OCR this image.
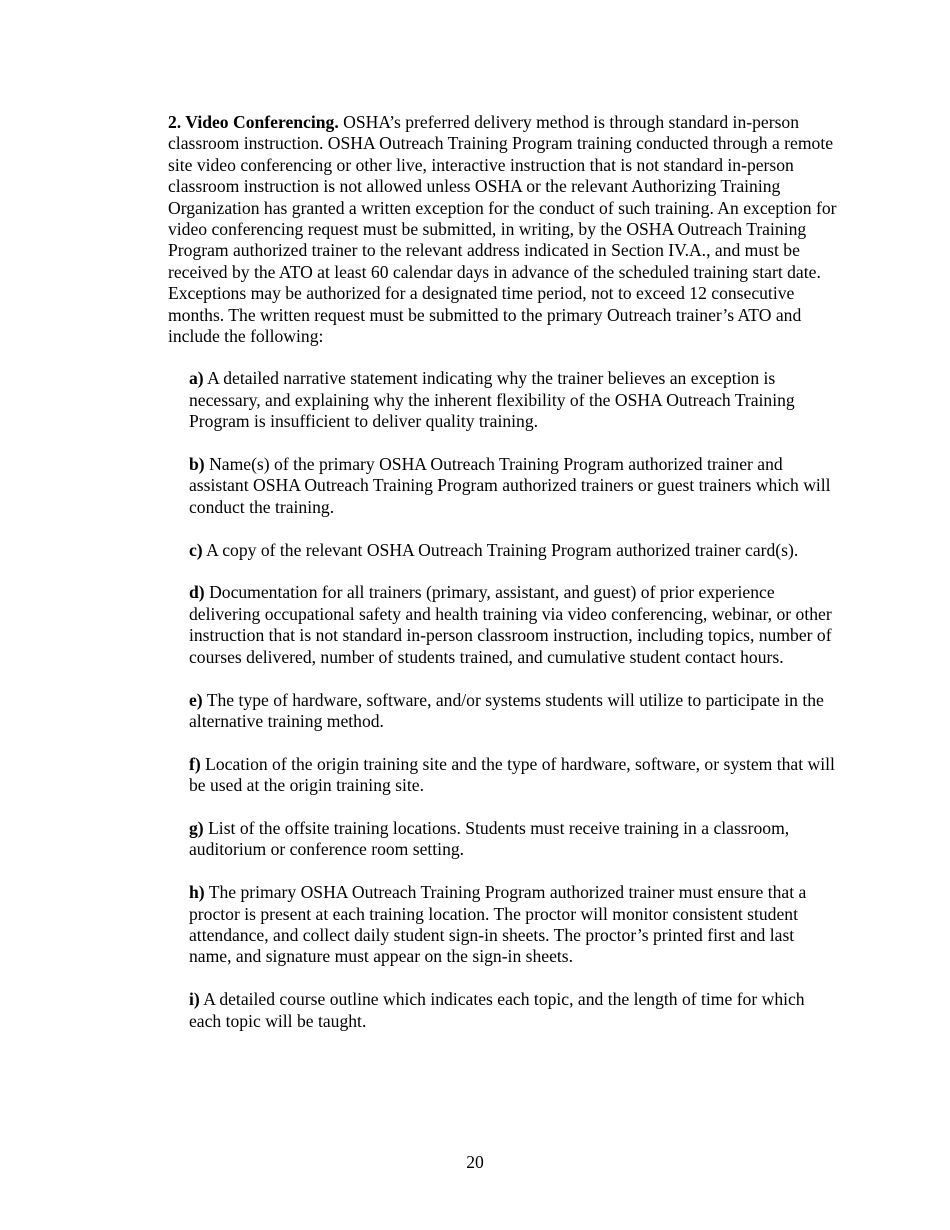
2. Video Conferencing. OSHA’s preferred delivery method is through standard in-person classroom instruction. OSHA Outreach Training Program training conducted through a remote site video conferencing or other live, interactive instruction that is not standard in-person classroom instruction is not allowed unless OSHA or the relevant Authorizing Training Organization has granted a written exception for the conduct of such training. An exception for video conferencing request must be submitted, in writing, by the OSHA Outreach Training Program authorized trainer to the relevant address indicated in Section IV.A., and must be received by the ATO at least 60 calendar days in advance of the scheduled training start date. Exceptions may be authorized for a designated time period, not to exceed 12 consecutive months. The written request must be submitted to the primary Outreach trainer’s ATO and include the following:

a) A detailed narrative statement indicating why the trainer believes an exception is necessary, and explaining why the inherent flexibility of the OSHA Outreach Training Program is insufficient to deliver quality training.

b) Name(s) of the primary OSHA Outreach Training Program authorized trainer and assistant OSHA Outreach Training Program authorized trainers or guest trainers which will conduct the training.

c) A copy of the relevant OSHA Outreach Training Program authorized trainer card(s).

d) Documentation for all trainers (primary, assistant, and guest) of prior experience delivering occupational safety and health training via video conferencing, webinar, or other instruction that is not standard in-person classroom instruction, including topics, number of courses delivered, number of students trained, and cumulative student contact hours.

e) The type of hardware, software, and/or systems students will utilize to participate in the alternative training method.

f) Location of the origin training site and the type of hardware, software, or system that will be used at the origin training site.

g) List of the offsite training locations. Students must receive training in a classroom, auditorium or conference room setting.

h) The primary OSHA Outreach Training Program authorized trainer must ensure that a proctor is present at each training location. The proctor will monitor consistent student attendance, and collect daily student sign-in sheets. The proctor’s printed first and last name, and signature must appear on the sign-in sheets.

i) A detailed course outline which indicates each topic, and the length of time for which each topic will be taught.

20
